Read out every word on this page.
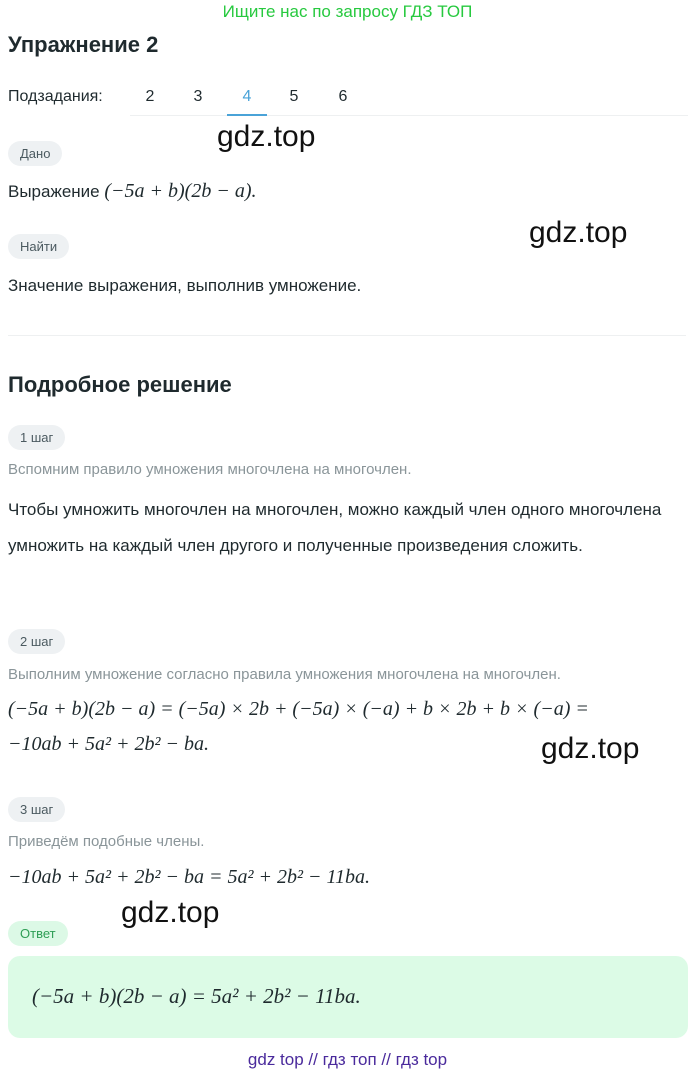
Ищите нас по запросу ГДЗ ТОП
Упражнение 2
Подзадания:	2	3	4	5	6
gdz.top
Дано
Выражение (−5a + b)(2b − a).
gdz.top
Найти
Значение выражения, выполнив умножение.
Подробное решение
1 шаг
Вспомним правило умножения многочлена на многочлен.
Чтобы умножить многочлен на многочлен, можно каждый член одного многочлена умножить на каждый член другого и полученные произведения сложить.
2 шаг
Выполним умножение согласно правила умножения многочлена на многочлен.
(−5a + b)(2b − a) = (−5a) × 2b + (−5a) × (−a) + b × 2b + b × (−a) =
−10ab + 5a² + 2b² − ba.	gdz.top
3 шаг
Приведём подобные члены.
−10ab + 5a² + 2b² − ba = 5a² + 2b² − 11ba.
gdz.top
Ответ
(−5a + b)(2b − a) = 5a² + 2b² − 11ba.
gdz top // гдз топ // гдз top
